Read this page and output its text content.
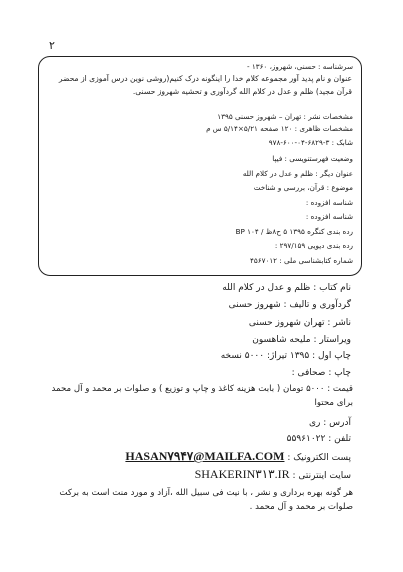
۲
سرشناسه : حسنی، شهروز، ۱۳۶۰ -
عنوان و نام پدید آور مجموعه کلام خدا را اینگونه درک کنیم(روشی نوین درس آموزی از محضر قرآن مجید) ظلم و عدل در کلام الله گردآوری و تحشیه شهروز حسنی.
مشخصات نشر : تهران – شهروز حسنی ۱۳۹۵
مشخصات ظاهری : ۱۲۰ صفحه ۵/۲۱×۵/۱۴ س م
شابک : ۳-۶۸۲۹-۰۴-۶۰۰-۹۷۸
وضعیت فهرستنویسی : فیپا
عنوان دیگر : ظلم و عدل در کلام الله
موضوع : قرآن، بررسی و شناخت
شناسه افزوده :
شناسه افزوده :
رده بندی کنگره ۱۳۹۵ ۵ ح۸ظ / ۱۰۴ BP
رده بندی دیویی ۲۹۷/۱۵۹ :
شماره کتابشناسی ملی : ۴۵۶۷۰۱۲
نام کتاب : ظلم و عدل در کلام الله
گردآوری و تالیف : شهروز حسنی
ناشر : تهران شهروز حسنی
ویراستار : ملیحه شاهسون
چاپ اول : ۱۳۹۵ تیراژ: ۵۰۰۰ نسخه
چاپ : صحافی :
قیمت : ۵۰۰۰ تومان ( بابت هزینه کاغذ و چاپ و توزیع ) و صلوات بر محمد و آل محمد برای محتوا
آدرس : ری
تلفن : ۵۵۹۶۱۰۲۲
پست الکترونیک : HASAN۷۹۴۷@MAILFA.COM
سایت اینترنتی : SHAKERIN۳۱۳.IR
هر گونه بهره برداری و نشر ، با نیت فی سبیل الله ،آزاد و مورد منت است به برکت صلوات بر محمد و آل محمد .
